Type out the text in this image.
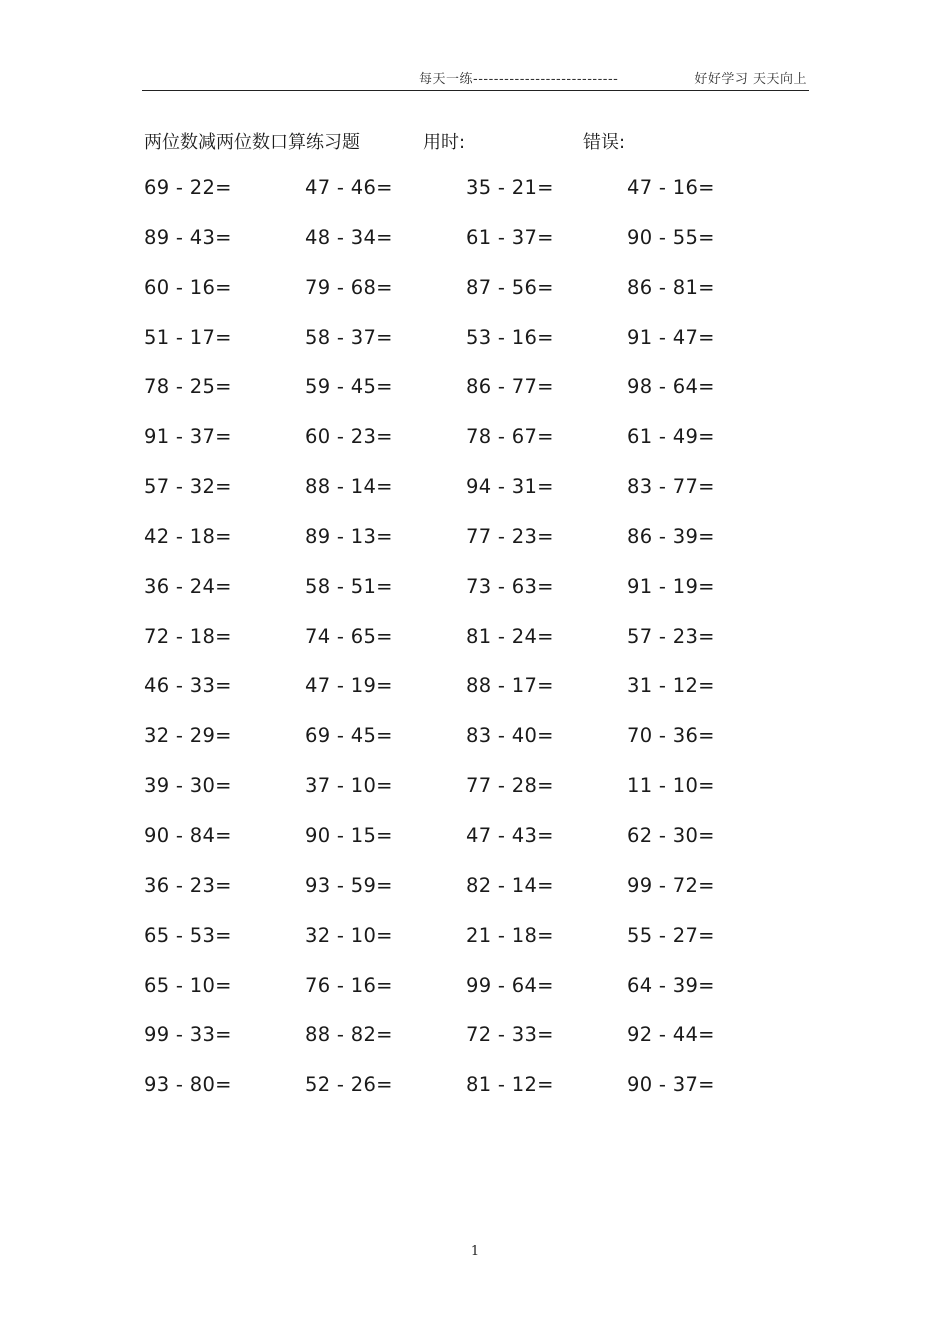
每天一练----------------------------	好好学习 天天向上
两位数减两位数口算练习题	用时:	错误:
69 - 22=	47 - 46=	35 - 21=	47 - 16=
89 - 43=	48 - 34=	61 - 37=	90 - 55=
60 - 16=	79 - 68=	87 - 56=	86 - 81=
51 - 17=	58 - 37=	53 - 16=	91 - 47=
78 - 25=	59 - 45=	86 - 77=	98 - 64=
91 - 37=	60 - 23=	78 - 67=	61 - 49=
57 - 32=	88 - 14=	94 - 31=	83 - 77=
42 - 18=	89 - 13=	77 - 23=	86 - 39=
36 - 24=	58 - 51=	73 - 63=	91 - 19=
72 - 18=	74 - 65=	81 - 24=	57 - 23=
46 - 33=	47 - 19=	88 - 17=	31 - 12=
32 - 29=	69 - 45=	83 - 40=	70 - 36=
39 - 30=	37 - 10=	77 - 28=	11 - 10=
90 - 84=	90 - 15=	47 - 43=	62 - 30=
36 - 23=	93 - 59=	82 - 14=	99 - 72=
65 - 53=	32 - 10=	21 - 18=	55 - 27=
65 - 10=	76 - 16=	99 - 64=	64 - 39=
99 - 33=	88 - 82=	72 - 33=	92 - 44=
93 - 80=	52 - 26=	81 - 12=	90 - 37=
1
